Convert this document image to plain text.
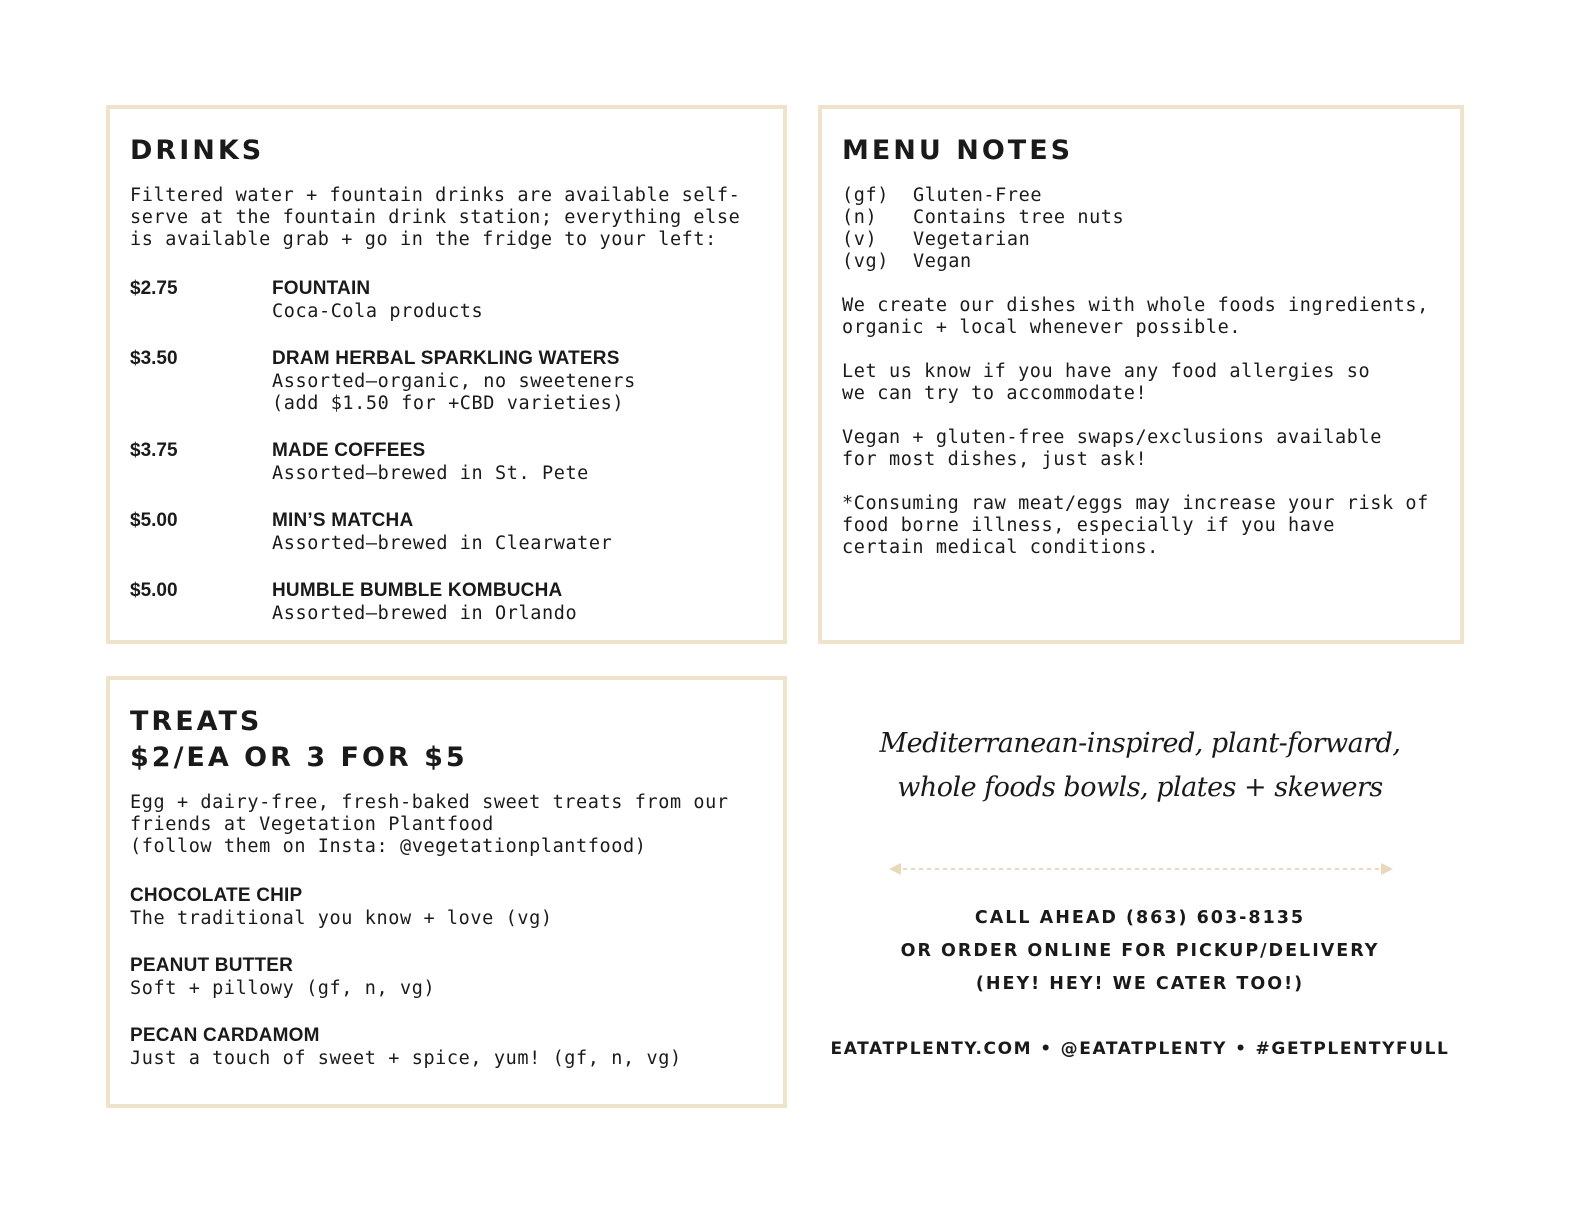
DRINKS

Filtered water + fountain drinks are available self-
serve at the fountain drink station; everything else
is available grab + go in the fridge to your left:

$2.75	FOUNTAIN
Coca-Cola products
$3.50	DRAM HERBAL SPARKLING WATERS
Assorted—organic, no sweeteners
(add $1.50 for +CBD varieties)
$3.75	MADE COFFEES
Assorted—brewed in St. Pete
$5.00	MIN’S MATCHA
Assorted—brewed in Clearwater
$5.00	HUMBLE BUMBLE KOMBUCHA
Assorted—brewed in Orlando
MENU NOTES
(gf)	Gluten-Free
(n)	Contains tree nuts
(v)	Vegetarian
(vg)	Vegan

We create our dishes with whole foods ingredients,
organic + local whenever possible.

Let us know if you have any food allergies so
we can try to accommodate!

Vegan + gluten-free swaps/exclusions available
for most dishes, just ask!

*Consuming raw meat/eggs may increase your risk of
food borne illness, especially if you have
certain medical conditions.

TREATS
$2/EA OR 3 FOR $5

Egg + dairy-free, fresh-baked sweet treats from our
friends at Vegetation Plantfood
(follow them on Insta: @vegetationplantfood)

CHOCOLATE CHIP
The traditional you know + love (vg)
PEANUT BUTTER
Soft + pillowy (gf, n, vg)
PECAN CARDAMOM
Just a touch of sweet + spice, yum! (gf, n, vg)
Mediterranean-inspired, plant-forward,
whole foods bowls, plates + skewers
CALL AHEAD (863) 603-8135
OR ORDER ONLINE FOR PICKUP/DELIVERY
(HEY! HEY! WE CATER TOO!)
EATATPLENTY.COM • @EATATPLENTY • #GETPLENTYFULL
